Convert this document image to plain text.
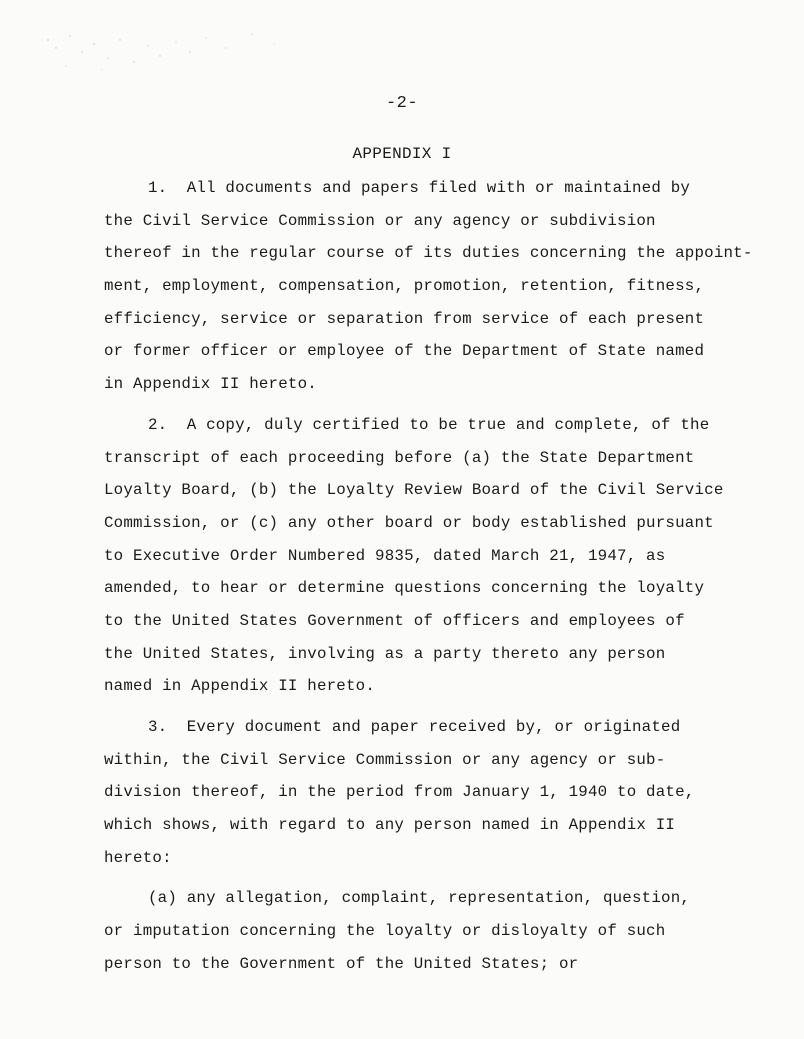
-2-
APPENDIX I
1.  All documents and papers filed with or maintained by
the Civil Service Commission or any agency or subdivision
thereof in the regular course of its duties concerning the appoint-
ment, employment, compensation, promotion, retention, fitness,
efficiency, service or separation from service of each present
or former officer or employee of the Department of State named
in Appendix II hereto.
2.  A copy, duly certified to be true and complete, of the
transcript of each proceeding before (a) the State Department
Loyalty Board, (b) the Loyalty Review Board of the Civil Service
Commission, or (c) any other board or body established pursuant
to Executive Order Numbered 9835, dated March 21, 1947, as
amended, to hear or determine questions concerning the loyalty
to the United States Government of officers and employees of
the United States, involving as a party thereto any person
named in Appendix II hereto.
3.  Every document and paper received by, or originated
within, the Civil Service Commission or any agency or sub-
division thereof, in the period from January 1, 1940 to date,
which shows, with regard to any person named in Appendix II
hereto:
(a) any allegation, complaint, representation, question,
or imputation concerning the loyalty or disloyalty of such
person to the Government of the United States; or
